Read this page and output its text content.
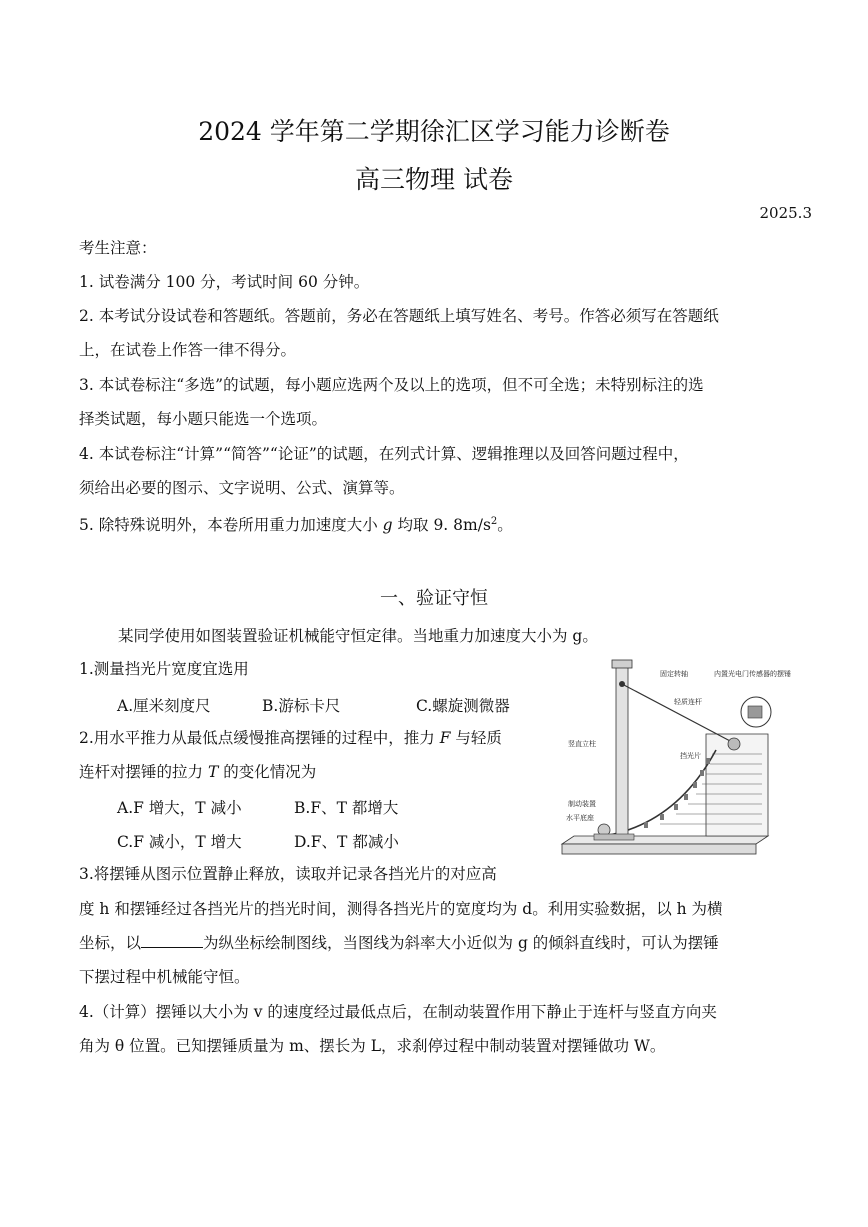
2024 学年第二学期徐汇区学习能力诊断卷
高三物理 试卷
2025.3
考生注意：
1. 试卷满分 100 分，考试时间 60 分钟。
2. 本考试分设试卷和答题纸。答题前，务必在答题纸上填写姓名、考号。作答必须写在答题纸
上，在试卷上作答一律不得分。
3. 本试卷标注“多选”的试题，每小题应选两个及以上的选项，但不可全选；未特别标注的选
择类试题，每小题只能选一个选项。
4. 本试卷标注“计算”“简答”“论证”的试题，在列式计算、逻辑推理以及回答问题过程中，
须给出必要的图示、文字说明、公式、演算等。
5. 除特殊说明外，本卷所用重力加速度大小 g 均取 9. $8m/s^2$。
一、验证守恒
某同学使用如图装置验证机械能守恒定律。当地重力加速度大小为 g。
1.测量挡光片宽度宜选用
A.厘米刻度尺	B.游标卡尺	C.螺旋测微器
2.用水平推力从最低点缓慢推高摆锤的过程中，推力 F 与轻质
连杆对摆锤的拉力 T 的变化情况为
A.F 增大，T 减小	B.F、T 都增大
C.F 减小，T 增大	D.F、T 都减小
3.将摆锤从图示位置静止释放，读取并记录各挡光片的对应高
度 h 和摆锤经过各挡光片的挡光时间，测得各挡光片的宽度均为 d。利用实验数据，以 h 为横
坐标，以	为纵坐标绘制图线，当图线为斜率大小近似为 g 的倾斜直线时，可认为摆锤
下摆过程中机械能守恒。
4.（计算）摆锤以大小为 v 的速度经过最低点后，在制动装置作用下静止于连杆与竖直方向夹
角为 θ 位置。已知摆锤质量为 m、摆长为 L，求刹停过程中制动装置对摆锤做功 W。
固定转轴	内置光电门传感器的摆锤
轻质连杆
竖直立柱
挡光片
制动装置
水平底座
